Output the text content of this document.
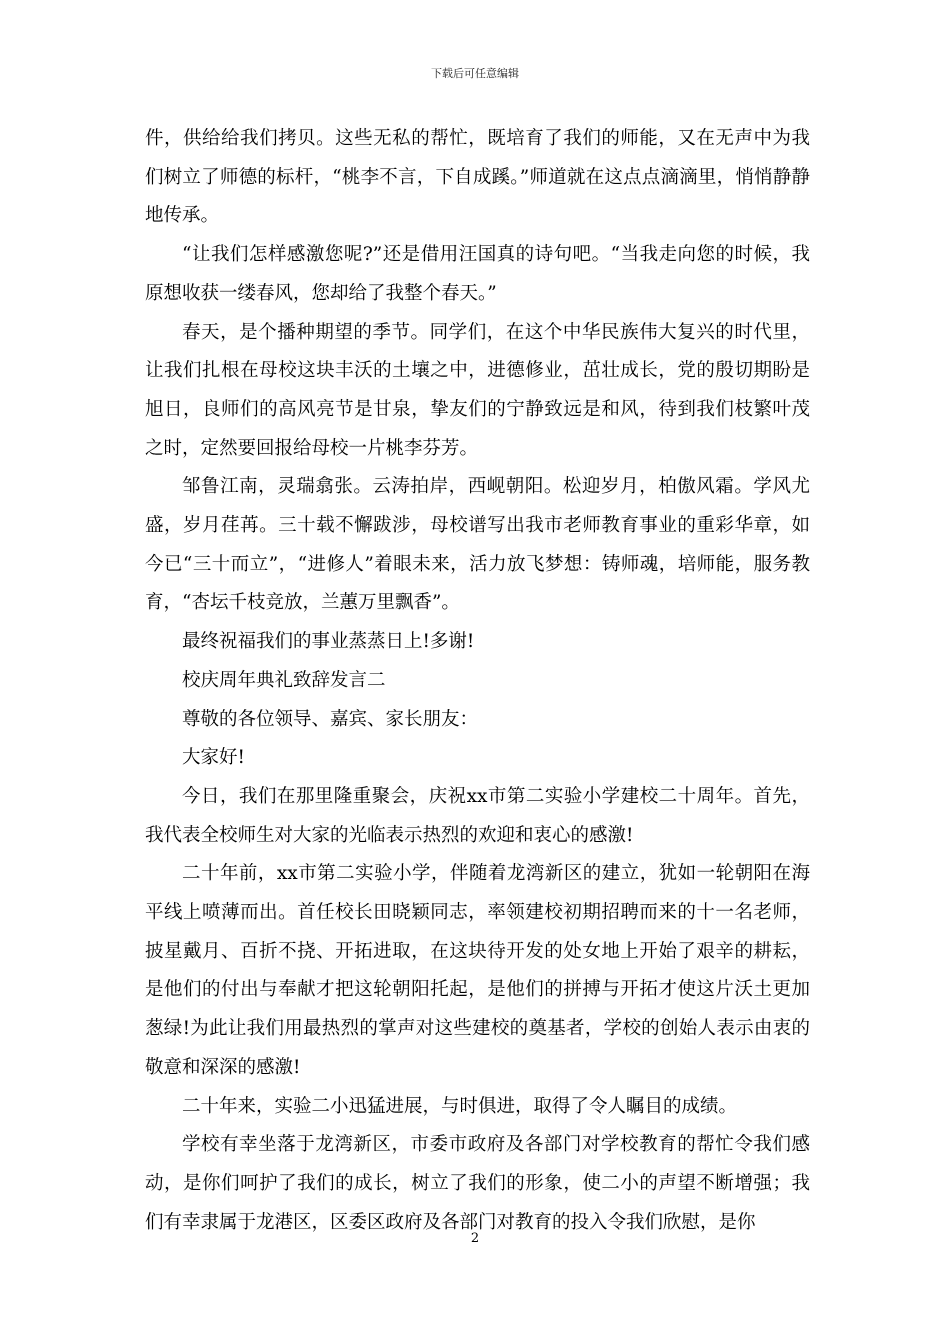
下载后可任意编辑

件，供给给我们拷贝。这些无私的帮忙，既培育了我们的师能，又在无声中为我们树立了师德的标杆，“桃李不言，下自成蹊。”师道就在这点点滴滴里，悄悄静静地传承。

“让我们怎样感激您呢?”还是借用汪国真的诗句吧。“当我走向您的时候，我原想收获一缕春风，您却给了我整个春天。”

春天，是个播种期望的季节。同学们，在这个中华民族伟大复兴的时代里，让我们扎根在母校这块丰沃的土壤之中，进德修业，茁壮成长，党的殷切期盼是旭日，良师们的高风亮节是甘泉，挚友们的宁静致远是和风，待到我们枝繁叶茂之时，定然要回报给母校一片桃李芬芳。

邹鲁江南，灵瑞翕张。云涛拍岸，西岘朝阳。松迎岁月，柏傲风霜。学风尤盛，岁月荏苒。三十载不懈跋涉，母校谱写出我市老师教育事业的重彩华章，如今已“三十而立”，“进修人”着眼未来，活力放飞梦想：铸师魂，培师能，服务教育，“杏坛千枝竞放，兰蕙万里飘香”。

最终祝福我们的事业蒸蒸日上!多谢!

校庆周年典礼致辞发言二

尊敬的各位领导、嘉宾、家长朋友：

大家好!

今日，我们在那里隆重聚会，庆祝xx市第二实验小学建校二十周年。首先，我代表全校师生对大家的光临表示热烈的欢迎和衷心的感激!

二十年前，xx市第二实验小学，伴随着龙湾新区的建立，犹如一轮朝阳在海平线上喷薄而出。首任校长田晓颖同志，率领建校初期招聘而来的十一名老师，披星戴月、百折不挠、开拓进取，在这块待开发的处女地上开始了艰辛的耕耘，是他们的付出与奉献才把这轮朝阳托起，是他们的拼搏与开拓才使这片沃土更加葱绿!为此让我们用最热烈的掌声对这些建校的奠基者，学校的创始人表示由衷的敬意和深深的感激!

二十年来，实验二小迅猛进展，与时俱进，取得了令人瞩目的成绩。

学校有幸坐落于龙湾新区，市委市政府及各部门对学校教育的帮忙令我们感动，是你们呵护了我们的成长，树立了我们的形象，使二小的声望不断增强；我们有幸隶属于龙港区，区委区政府及各部门对教育的投入令我们欣慰，是你

2
